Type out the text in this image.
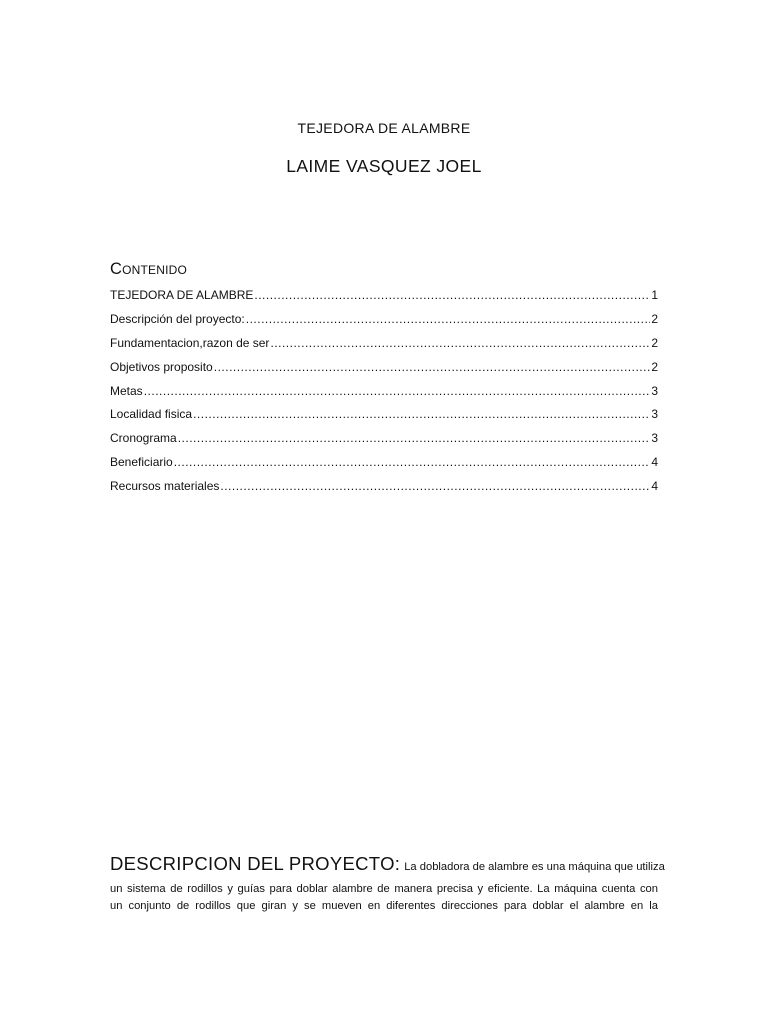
TEJEDORA DE ALAMBRE
LAIME VASQUEZ JOEL
Contenido
TEJEDORA DE ALAMBRE .....	1
Descripción del proyecto: .....	2
Fundamentacion,razon de ser .....	2
Objetivos proposito .....	2
Metas .....	3
Localidad fisica .....	3
Cronograma .....	3
Beneficiario .....	4
Recursos materiales .....	4
DESCRIPCION DEL PROYECTO: La dobladora de alambre es una máquina que utiliza
un sistema de rodillos y guías para doblar alambre de manera precisa y eficiente. La máquina cuenta con
un conjunto de rodillos que giran y se mueven en diferentes direcciones para doblar el alambre en la
